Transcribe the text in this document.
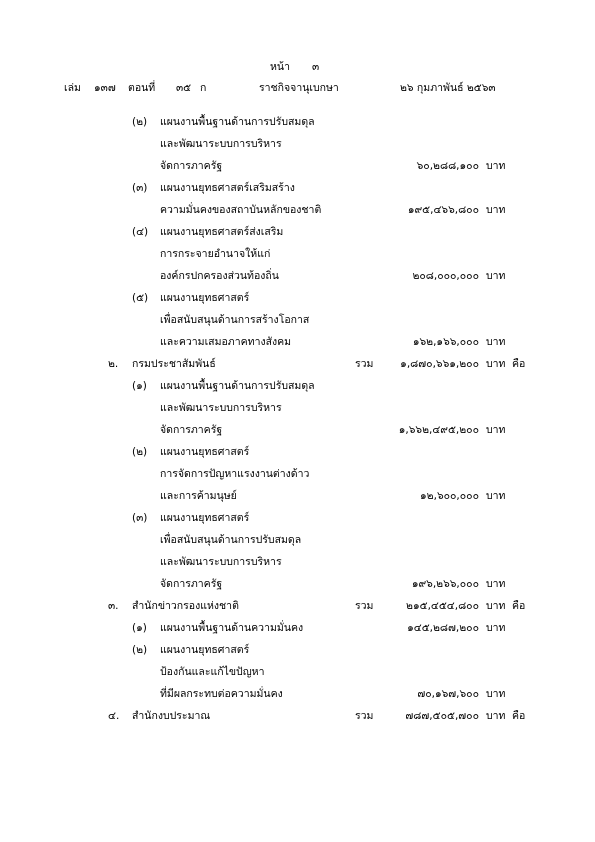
หน้า ๓
เล่ม ๑๓๗ ตอนที่ ๓๕ ก	ราชกิจจานุเบกษา	๒๖ กุมภาพันธ์ ๒๕๖๓
(๒) แผนงานพื้นฐานด้านการปรับสมดุล
และพัฒนาระบบการบริหาร
จัดการภาครัฐ	๖๐,๒๘๘,๑๐๐ บาท
(๓) แผนงานยุทธศาสตร์เสริมสร้าง
ความมั่นคงของสถาบันหลักของชาติ	๑๙๕,๔๖๖,๘๐๐ บาท
(๔) แผนงานยุทธศาสตร์ส่งเสริม
การกระจายอำนาจให้แก่
องค์กรปกครองส่วนท้องถิ่น	๒๐๘,๐๐๐,๐๐๐ บาท
(๕) แผนงานยุทธศาสตร์
เพื่อสนับสนุนด้านการสร้างโอกาส
และความเสมอภาคทางสังคม	๑๖๒,๑๖๖,๐๐๐ บาท
๒. กรมประชาสัมพันธ์	รวม	๑,๘๗๐,๖๖๑,๒๐๐ บาท คือ
(๑) แผนงานพื้นฐานด้านการปรับสมดุล
และพัฒนาระบบการบริหาร
จัดการภาครัฐ	๑,๖๖๒,๔๙๕,๒๐๐ บาท
(๒) แผนงานยุทธศาสตร์
การจัดการปัญหาแรงงานต่างด้าว
และการค้ามนุษย์	๑๒,๖๐๐,๐๐๐ บาท
(๓) แผนงานยุทธศาสตร์
เพื่อสนับสนุนด้านการปรับสมดุล
และพัฒนาระบบการบริหาร
จัดการภาครัฐ	๑๙๖,๒๖๖,๐๐๐ บาท
๓. สำนักข่าวกรองแห่งชาติ	รวม	๒๑๕,๔๕๔,๘๐๐ บาท คือ
(๑) แผนงานพื้นฐานด้านความมั่นคง	๑๔๕,๒๘๗,๒๐๐ บาท
(๒) แผนงานยุทธศาสตร์
ป้องกันและแก้ไขปัญหา
ที่มีผลกระทบต่อความมั่นคง	๗๐,๑๖๗,๖๐๐ บาท
๔. สำนักงบประมาณ	รวม	๗๘๗,๕๐๕,๗๐๐ บาท คือ
